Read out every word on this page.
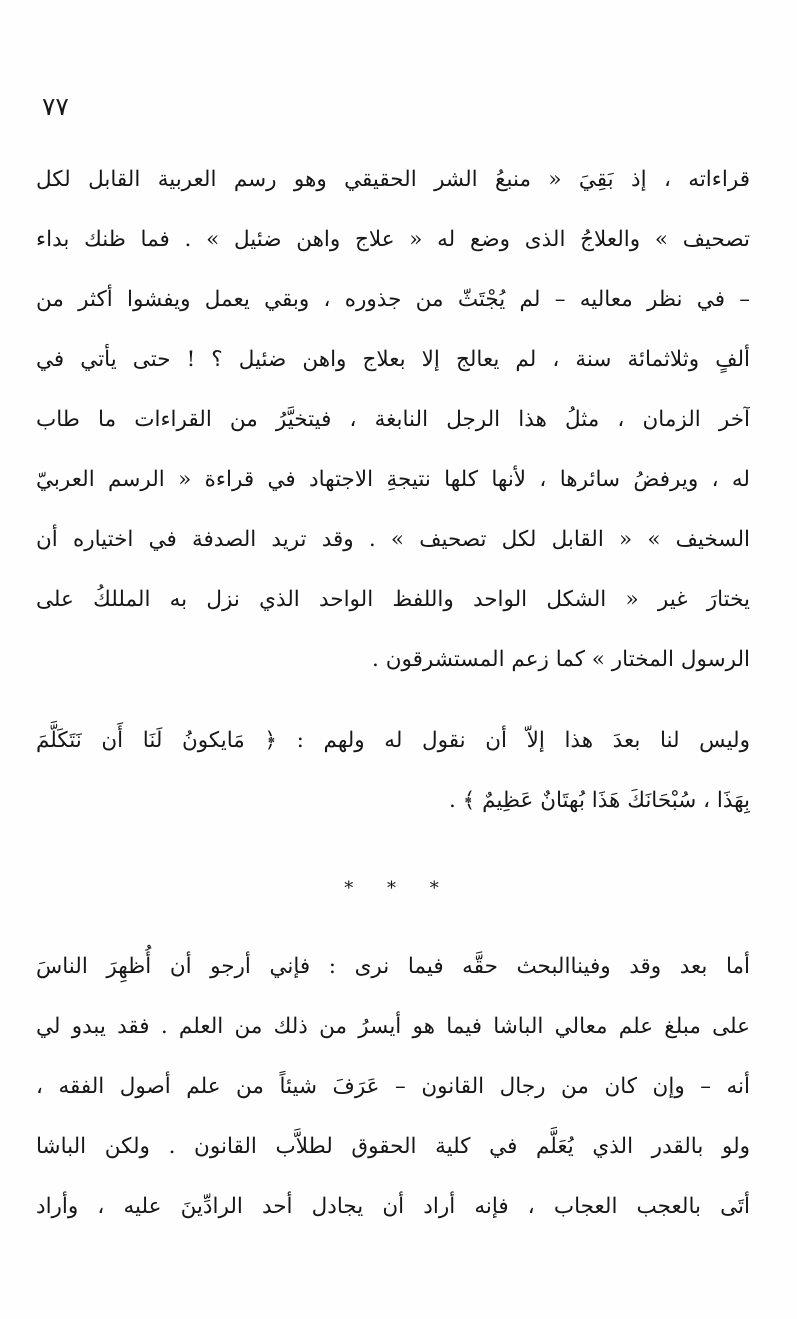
٧٧
قراءاته ، إذ بَقِيَ « منبعُ الشر الحقيقي وهو رسم العربية القابل لكل
تصحيف » والعلاجُ الذى وضع له « علاج واهن ضئيل » . فما ظنك بداء
– في نظر معاليه – لم يُجْتَثّ من جذوره ، وبقي يعمل ويفشوا أكثر من
ألفٍ وثلاثمائة سنة ، لم يعالج إلا بعلاج واهن ضئيل ؟ ! حتى يأتي في
آخر الزمان ، مثلُ هذا الرجل النابغة ، فيتخيَّرُ من القراءات ما طاب
له ، ويرفضُ سائرها ، لأنها كلها نتيجةِ الاجتهاد في قراءة « الرسم العربيّ
السخيف » « القابل لكل تصحيف » . وقد تريد الصدفة في اختياره أن
يختارَ غير « الشكل الواحد واللفظ الواحد الذي نزل به المللكُ على
الرسول المختار » كما زعم المستشرقون .
وليس لنا بعدَ هذا إلاّ أن نقول له ولهم : ﴿ مَايكونُ لَنَا أَن نَتَكَلَّمَ
بِهَذَا ، سُبْحَانَكَ هَذَا بُهتَانٌ عَظِيمٌ ﴾ .
* * *
أما بعد وقد وفيناالبحث حقَّه فيما نرى : فإني أرجو أن أُظهِرَ الناسَ
على مبلغ علم معالي الباشا فيما هو أيسرُ من ذلك من العلم . فقد يبدو لي
أنه – وإن كان من رجال القانون – عَرَفَ شيئاً من علم أصول الفقه ،
ولو بالقدر الذي يُعَلَّم في كلية الحقوق لطلاَّب القانون . ولكن الباشا
أتَى بالعجب العجاب ، فإنه أراد أن يجادل أحد الرادِّينَ عليه ، وأراد
